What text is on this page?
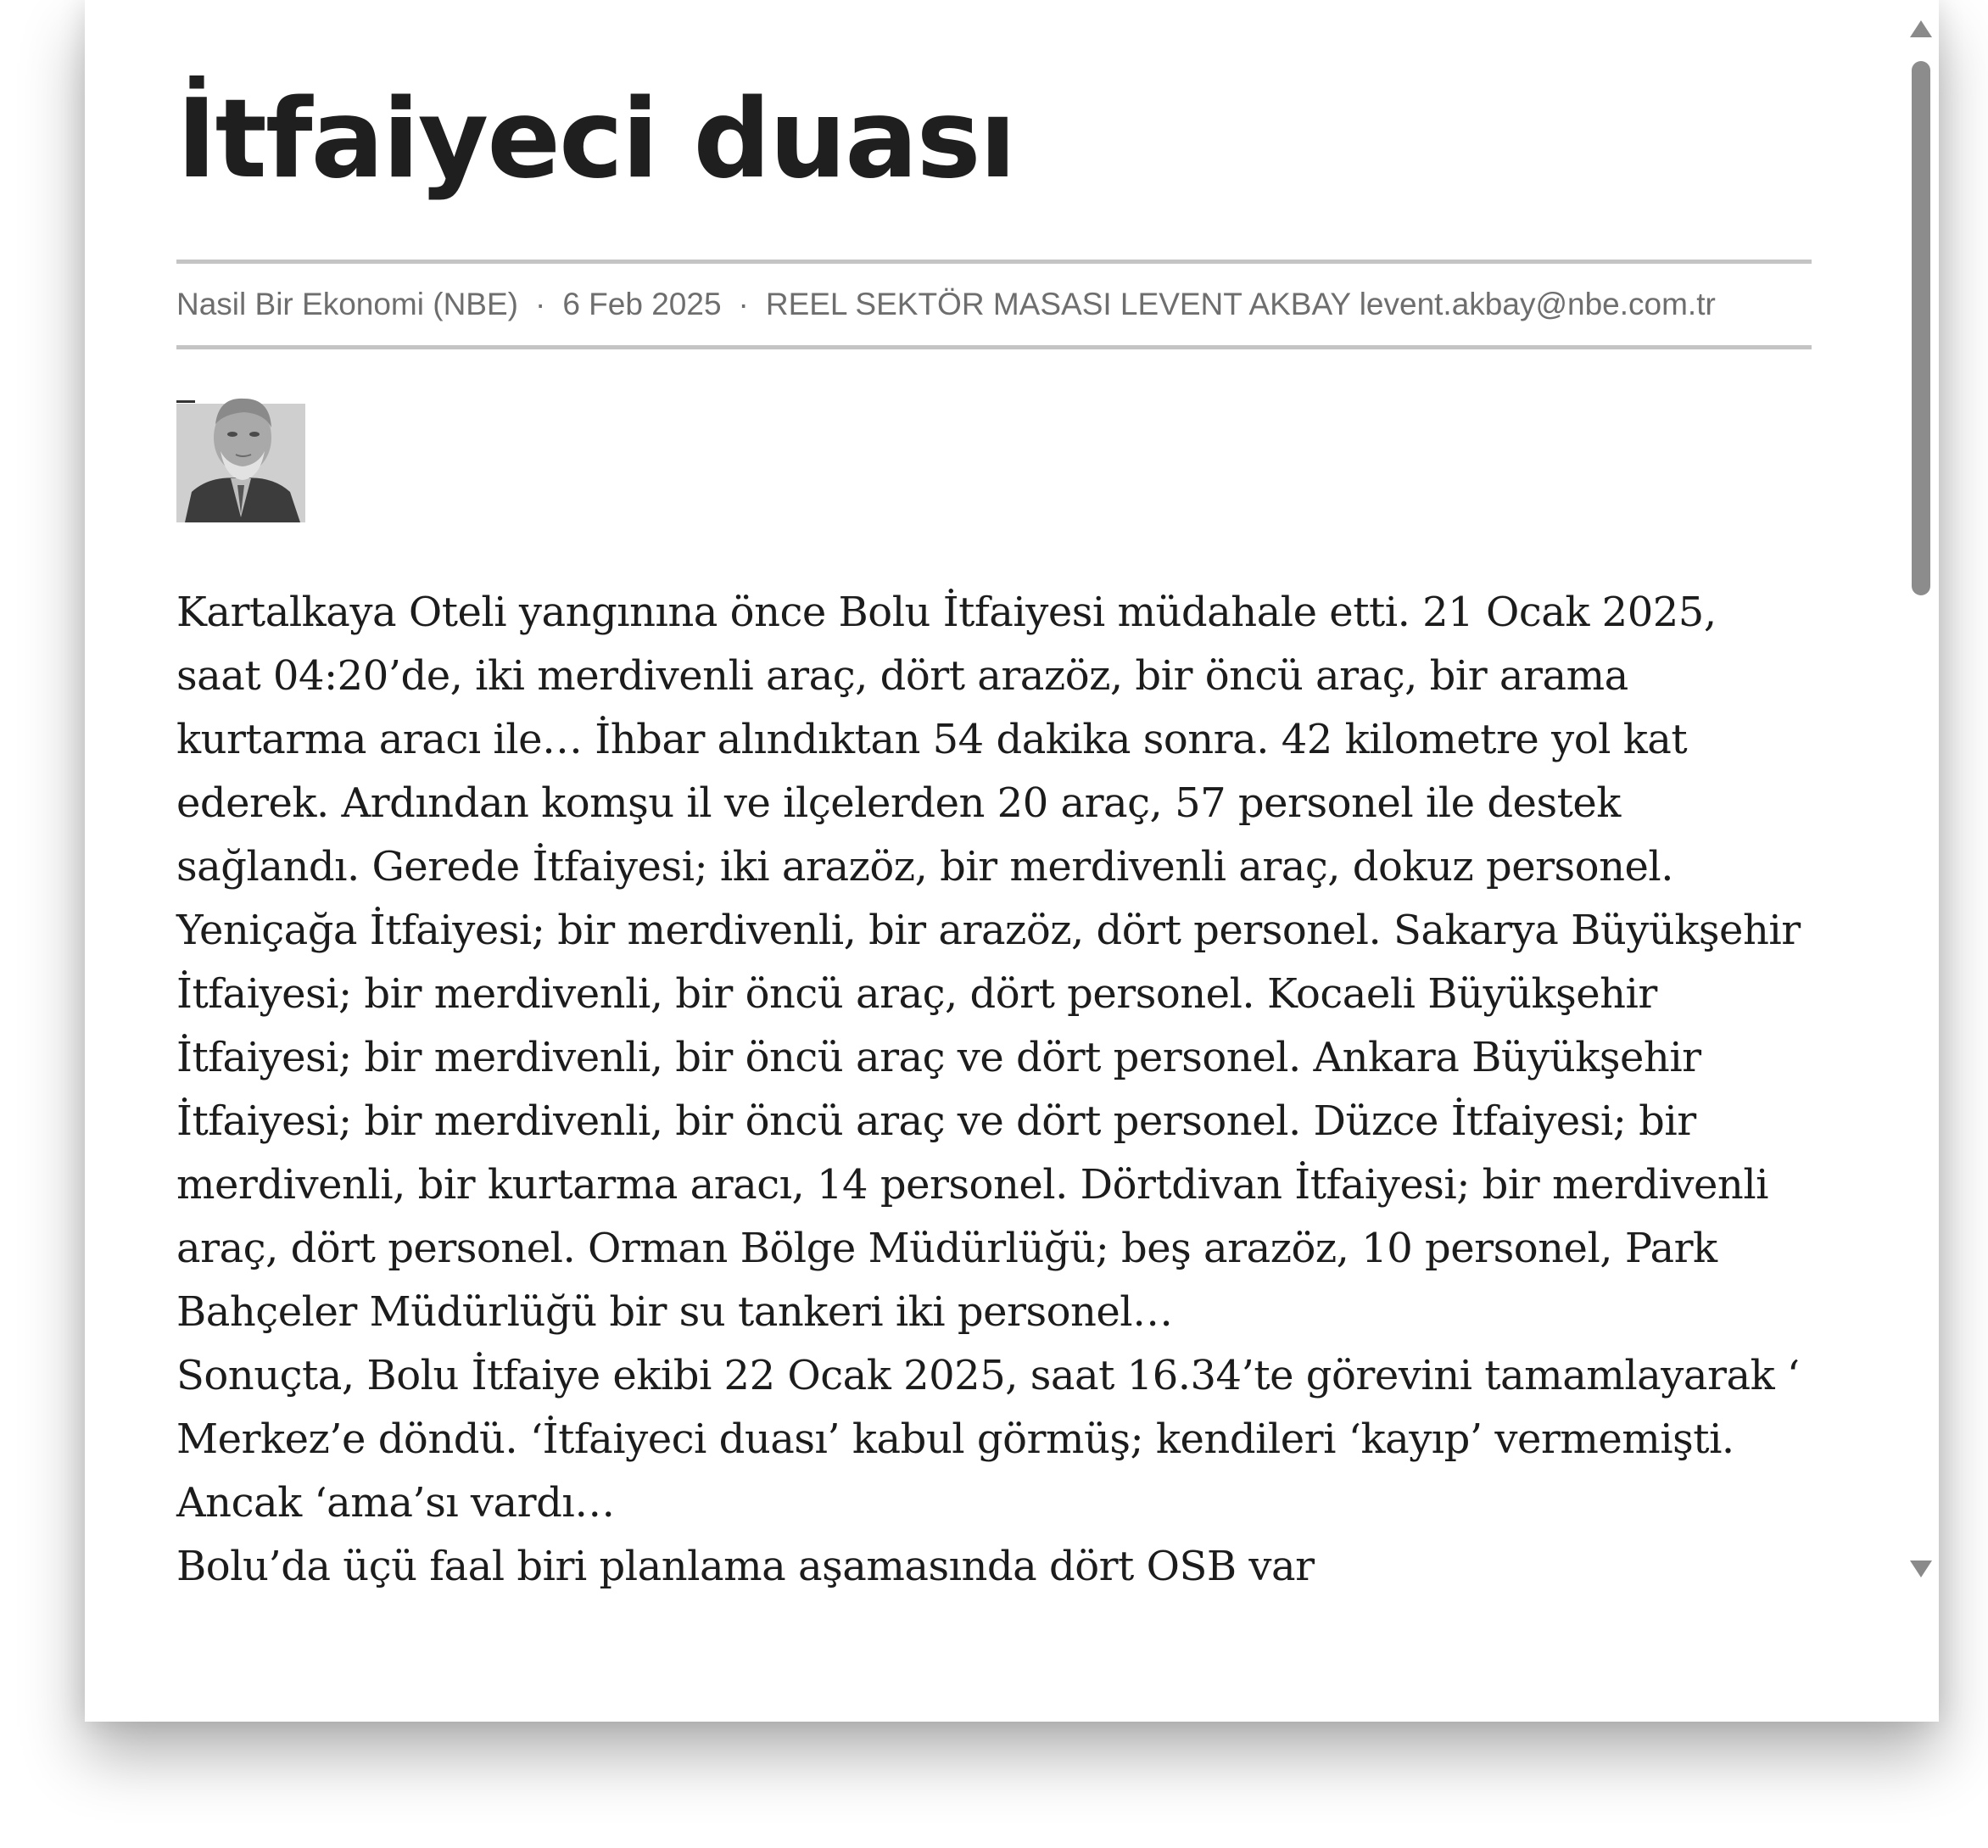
İtfaiyeci duası
Nasil Bir Ekonomi (NBE) · 6 Feb 2025 · REEL SEKTÖR MASASI LEVENT AKBAY levent.akbay@nbe.com.tr

Kartalkaya Oteli yangınına önce Bolu İtfaiyesi müdahale etti. 21 Ocak 2025, saat 04:20’de, iki merdivenli araç, dört arazöz, bir öncü araç, bir arama kurtarma aracı ile… İhbar alındıktan 54 dakika sonra. 42 kilometre yol kat ederek. Ardından komşu il ve ilçelerden 20 araç, 57 personel ile destek sağlandı. Gerede İtfaiyesi; iki arazöz, bir merdivenli araç, dokuz personel. Yeniçağa İtfaiyesi; bir merdivenli, bir arazöz, dört personel. Sakarya Büyükşehir İtfaiyesi; bir merdivenli, bir öncü araç, dört personel. Kocaeli Büyükşehir İtfaiyesi; bir merdivenli, bir öncü araç ve dört personel. Ankara Büyükşehir İtfaiyesi; bir merdivenli, bir öncü araç ve dört personel. Düzce İtfaiyesi; bir merdivenli, bir kurtarma aracı, 14 personel. Dörtdivan İtfaiyesi; bir merdivenli araç, dört personel. Orman Bölge Müdürlüğü; beş arazöz, 10 personel, Park Bahçeler Müdürlüğü bir su tankeri iki personel…

Sonuçta, Bolu İtfaiye ekibi 22 Ocak 2025, saat 16.34’te görevini tamamlayarak ‘ Merkez’e döndü. ‘İtfaiyeci duası’ kabul görmüş; kendileri ‘kayıp’ vermemişti. Ancak ‘ama’sı vardı…

Bolu’da üçü faal biri planlama aşamasında dört OSB var
